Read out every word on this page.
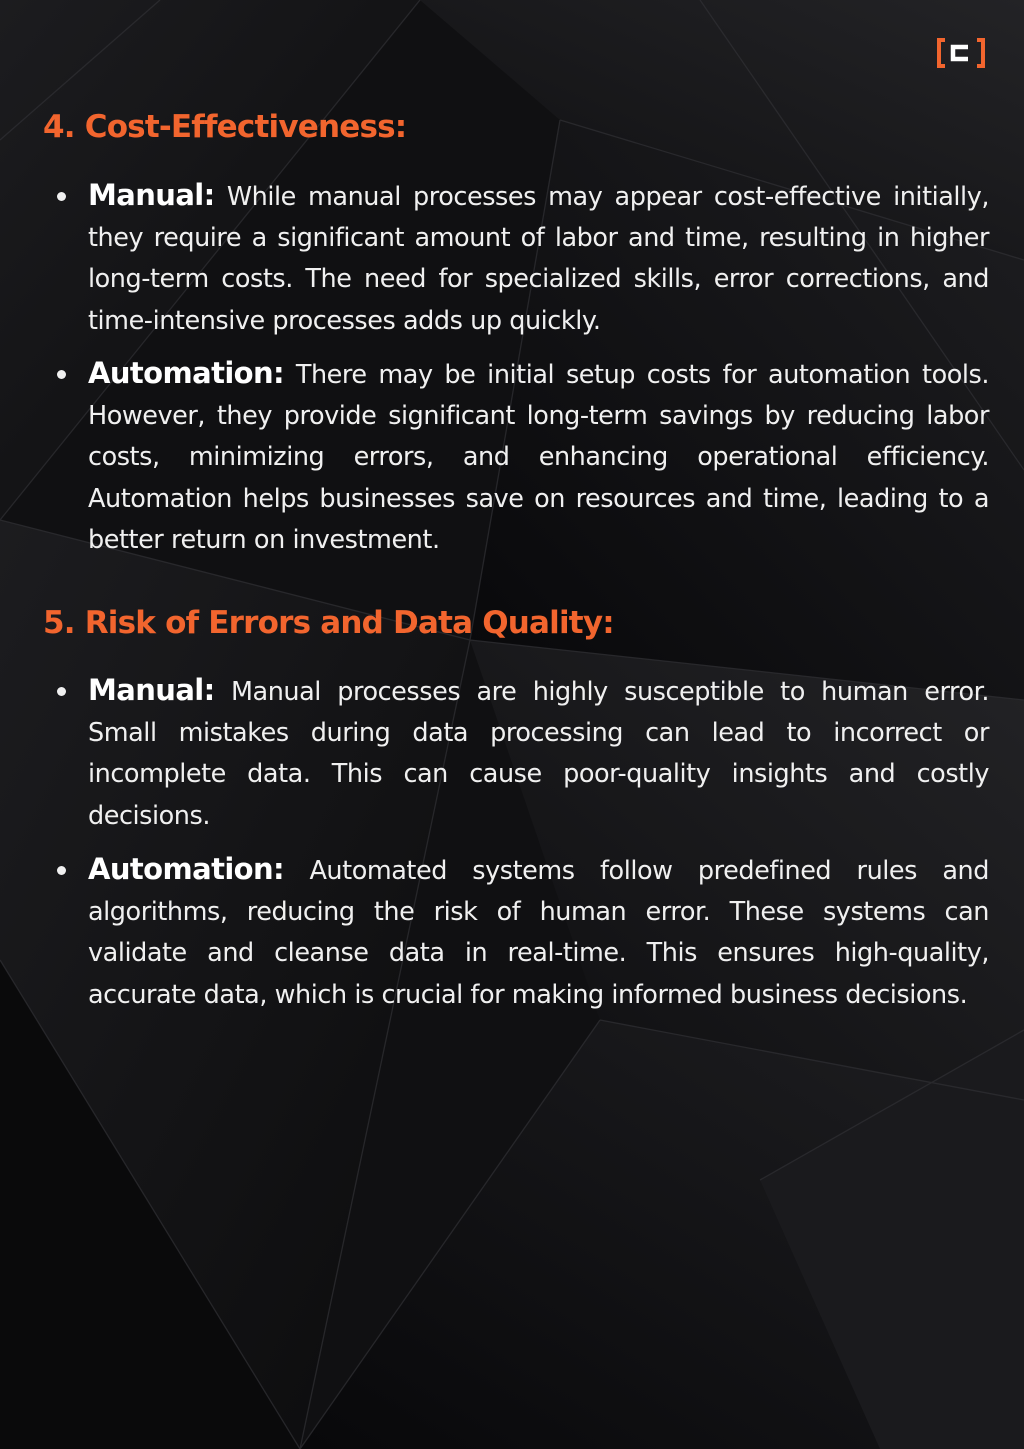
4. Cost-Effectiveness:
Manual: While manual processes may appear cost-effective initially, they require a significant amount of labor and time, resulting in higher long-term costs. The need for specialized skills, error corrections, and time-intensive processes adds up quickly.
Automation: There may be initial setup costs for automation tools. However, they provide significant long-term savings by reducing labor costs, minimizing errors, and enhancing operational efficiency. Automation helps businesses save on resources and time, leading to a better return on investment.
5. Risk of Errors and Data Quality:
Manual: Manual processes are highly susceptible to human error. Small mistakes during data processing can lead to incorrect or incomplete data. This can cause poor-quality insights and costly decisions.
Automation: Automated systems follow predefined rules and algorithms, reducing the risk of human error. These systems can validate and cleanse data in real-time. This ensures high-quality, accurate data, which is crucial for making informed business decisions.
